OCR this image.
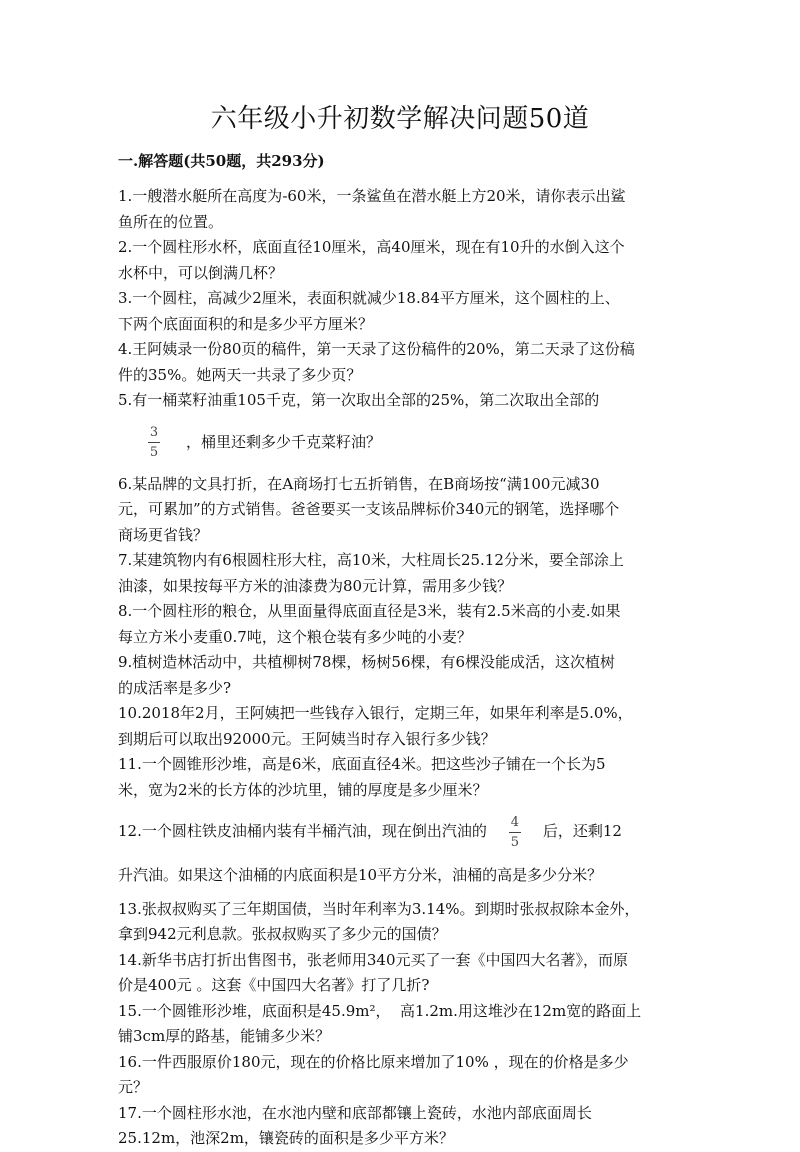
六年级小升初数学解决问题50道
一.解答题(共50题，共293分)

1.一艘潜水艇所在高度为-60米，一条鲨鱼在潜水艇上方20米，请你表示出鲨
鱼所在的位置。

2.一个圆柱形水杯，底面直径10厘米，高40厘米，现在有10升的水倒入这个
水杯中，可以倒满几杯？

3.一个圆柱，高减少2厘米，表面积就减少18.84平方厘米，这个圆柱的上、
下两个底面面积的和是多少平方厘米？

4.王阿姨录一份80页的稿件，第一天录了这份稿件的20%，第二天录了这份稿
件的35%。她两天一共录了多少页？

5.有一桶菜籽油重105千克，第一次取出全部的25%，第二次取出全部的

$\frac{3}{5}$ ，桶里还剩多少千克菜籽油？

6.某品牌的文具打折，在A商场打七五折销售，在B商场按“满100元减30
元，可累加”的方式销售。爸爸要买一支该品牌标价340元的钢笔，选择哪个
商场更省钱？

7.某建筑物内有6根圆柱形大柱，高10米，大柱周长25.12分米，要全部涂上
油漆，如果按每平方米的油漆费为80元计算，需用多少钱？

8.一个圆柱形的粮仓，从里面量得底面直径是3米，装有2.5米高的小麦.如果
每立方米小麦重0.7吨，这个粮仓装有多少吨的小麦？

9.植树造林活动中，共植柳树78棵，杨树56棵，有6棵没能成活，这次植树
的成活率是多少?

10.2018年2月，王阿姨把一些钱存入银行，定期三年，如果年利率是5.0%，
到期后可以取出92000元。王阿姨当时存入银行多少钱？

11.一个圆锥形沙堆，高是6米，底面直径4米。把这些沙子铺在一个长为5
米，宽为2米的长方体的沙坑里，铺的厚度是多少厘米？

12.一个圆柱铁皮油桶内装有半桶汽油，现在倒出汽油的 $\frac{4}{5}$ 后，还剩12

升汽油。如果这个油桶的内底面积是10平方分米，油桶的高是多少分米？

13.张叔叔购买了三年期国债，当时年利率为3.14%。到期时张叔叔除本金外，
拿到942元利息款。张叔叔购买了多少元的国债？

14.新华书店打折出售图书，张老师用340元买了一套《中国四大名著》，而原
价是400元 。这套《中国四大名著》打了几折?

15.一个圆锥形沙堆，底面积是45.9m²，  高1.2m.用这堆沙在12m宽的路面上
铺3cm厚的路基，能铺多少米？

16.一件西服原价180元，现在的价格比原来增加了10% ，现在的价格是多少
元？

17.一个圆柱形水池，在水池内壁和底部都镶上瓷砖，水池内部底面周长
25.12m，池深2m，镶瓷砖的面积是多少平方米？
